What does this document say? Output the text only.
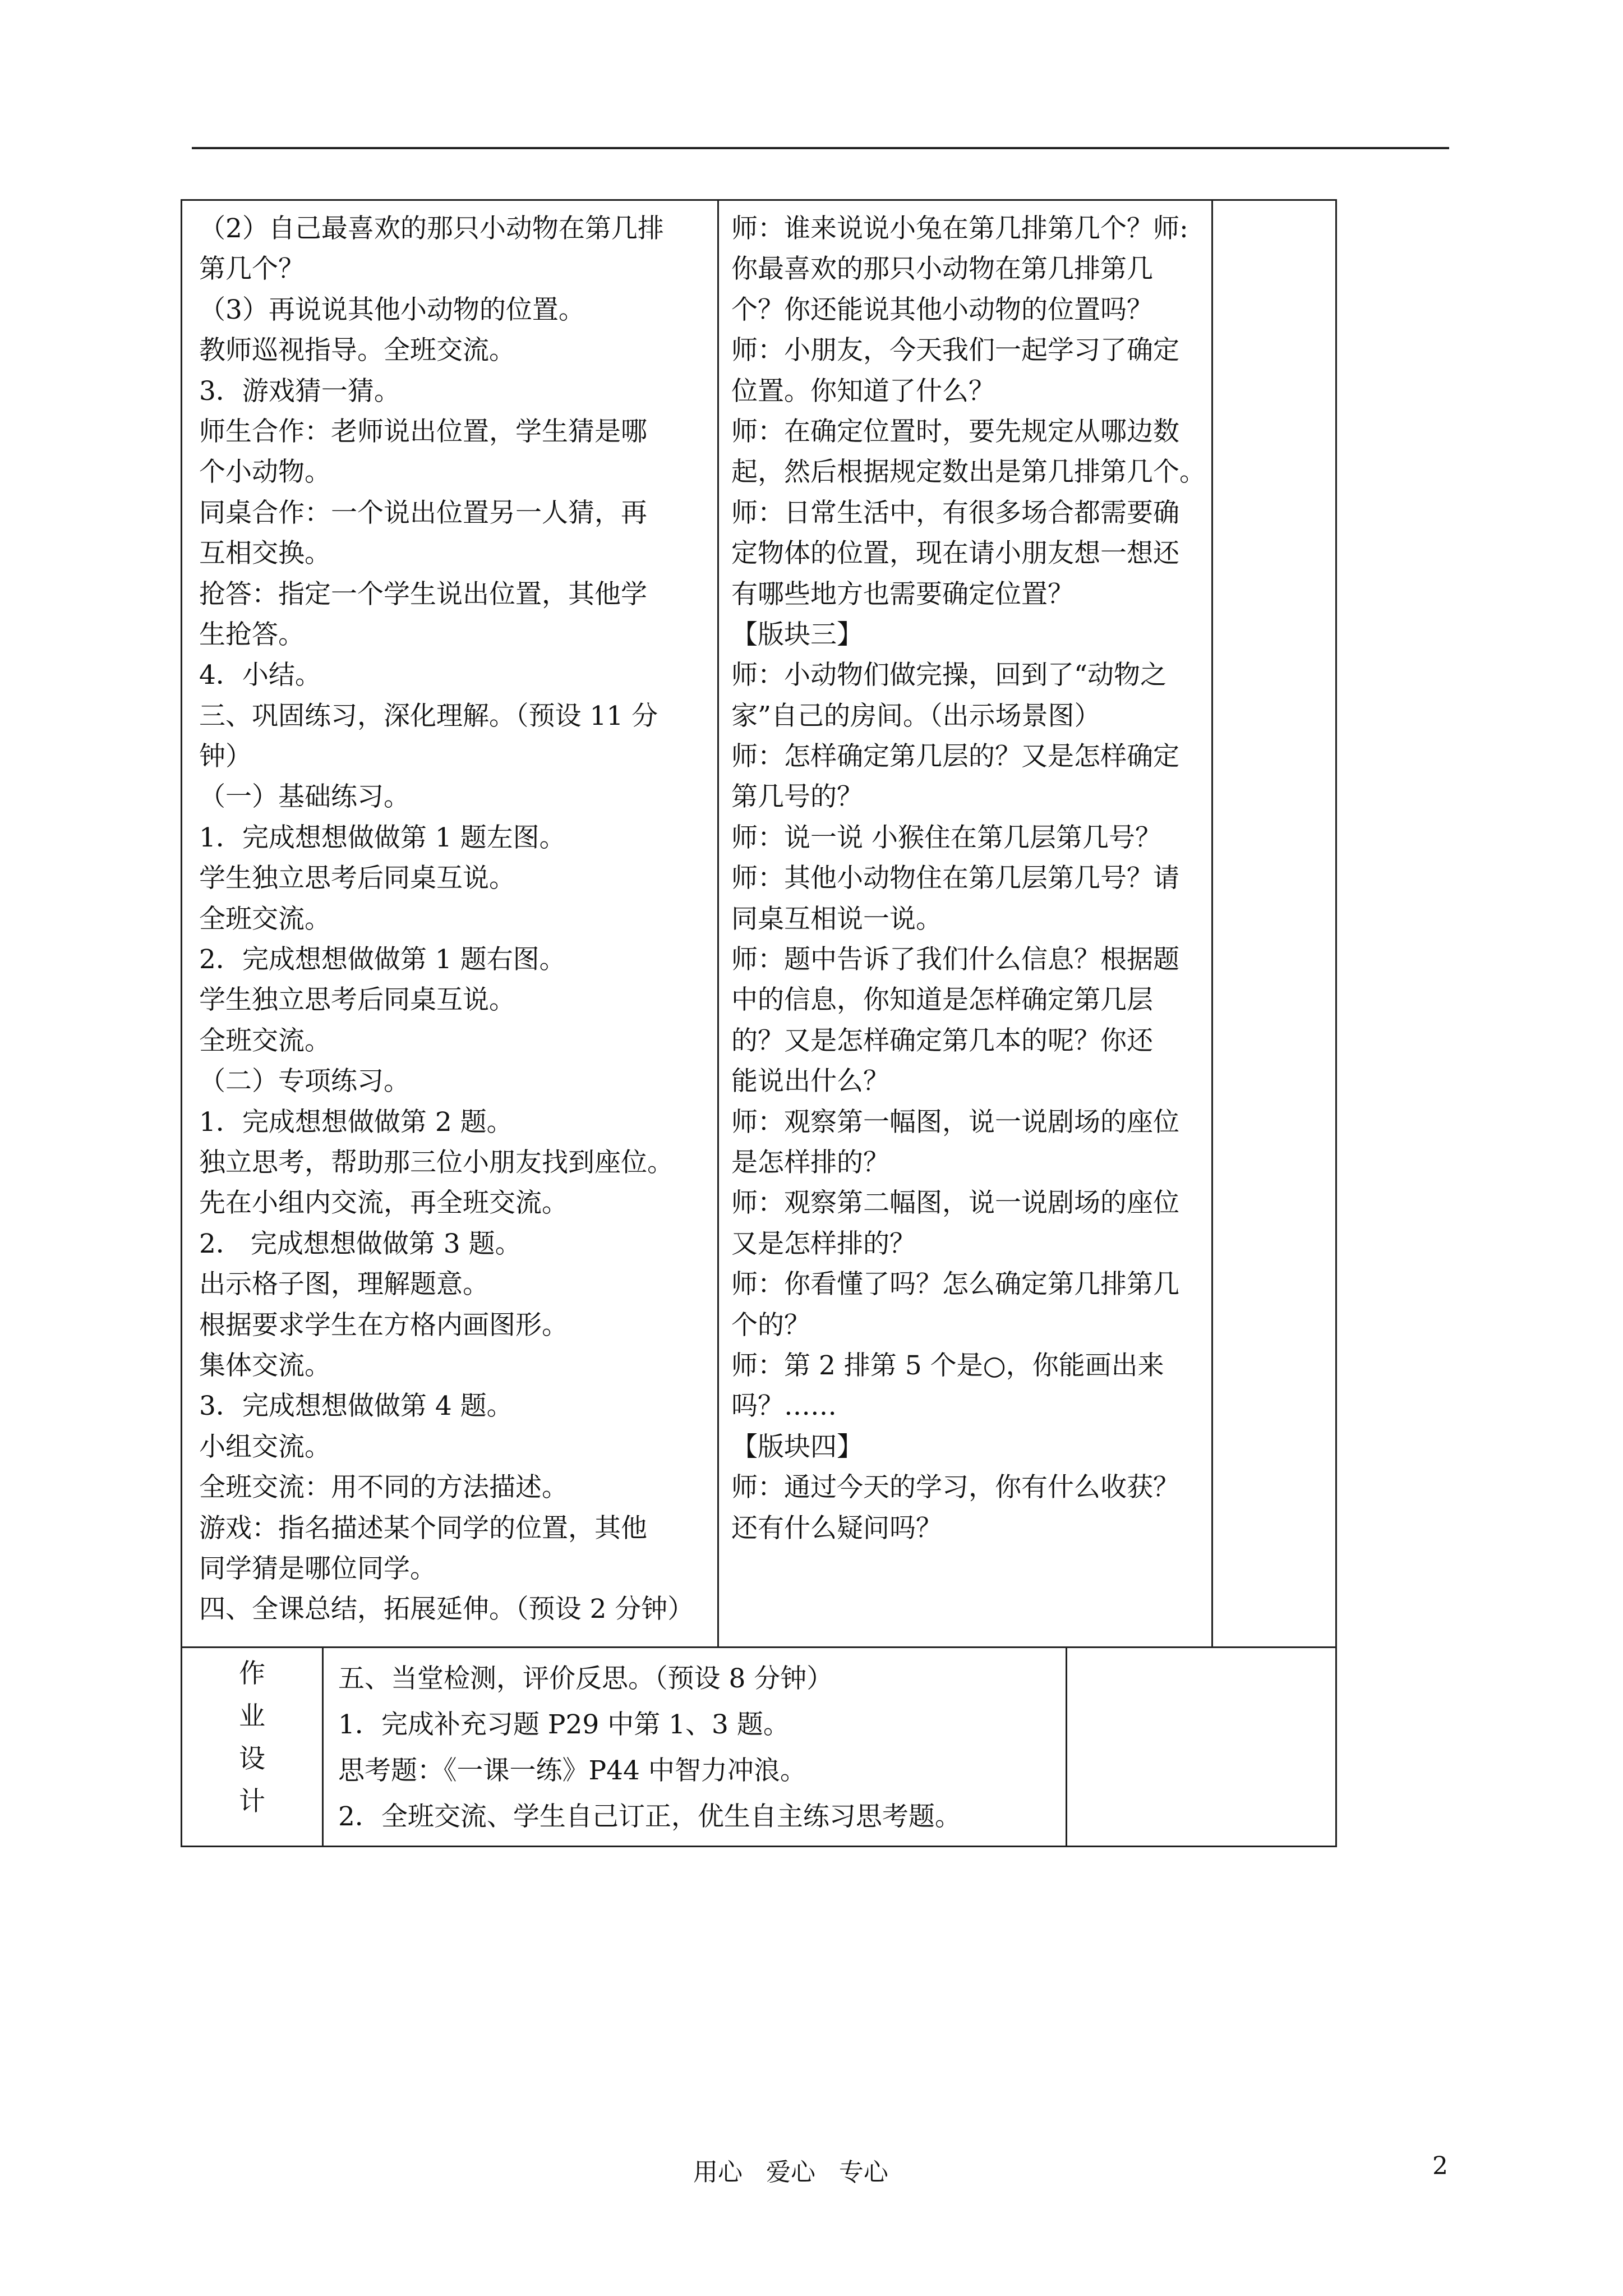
（2）自己最喜欢的那只小动物在第几排
第几个？
（3）再说说其他小动物的位置。
教师巡视指导。全班交流。
3．游戏猜一猜。
师生合作：老师说出位置，学生猜是哪
个小动物。
同桌合作：一个说出位置另一人猜，再
互相交换。
抢答：指定一个学生说出位置，其他学
生抢答。
4．小结。
三、巩固练习，深化理解。（预设 11 分
钟）
（一）基础练习。
1．完成想想做做第 1 题左图。
学生独立思考后同桌互说。
全班交流。
2．完成想想做做第 1 题右图。
学生独立思考后同桌互说。
全班交流。
（二）专项练习。
1．完成想想做做第 2 题。
独立思考，帮助那三位小朋友找到座位。
先在小组内交流，再全班交流。
2． 完成想想做做第 3 题。
出示格子图，理解题意。
根据要求学生在方格内画图形。
集体交流。
3．完成想想做做第 4 题。
小组交流。
全班交流：用不同的方法描述。
游戏：指名描述某个同学的位置，其他
同学猜是哪位同学。
四、全课总结，拓展延伸。（预设 2 分钟）
师：谁来说说小兔在第几排第几个？师:
你最喜欢的那只小动物在第几排第几
个？你还能说其他小动物的位置吗？
师：小朋友，今天我们一起学习了确定
位置。你知道了什么？
师：在确定位置时，要先规定从哪边数
起，然后根据规定数出是第几排第几个。
师：日常生活中，有很多场合都需要确
定物体的位置，现在请小朋友想一想还
有哪些地方也需要确定位置？
【版块三】
师：小动物们做完操，回到了“动物之
家”自己的房间。（出示场景图）
师：怎样确定第几层的？又是怎样确定
第几号的？
师：说一说 小猴住在第几层第几号？
师：其他小动物住在第几层第几号？请
同桌互相说一说。
师：题中告诉了我们什么信息？根据题
中的信息，你知道是怎样确定第几层
的？又是怎样确定第几本的呢？你还
能说出什么？
师：观察第一幅图，说一说剧场的座位
是怎样排的？
师：观察第二幅图，说一说剧场的座位
又是怎样排的？
师：你看懂了吗？怎么确定第几排第几
个的？
师：第 2 排第 5 个是○，你能画出来
吗？……
【版块四】
师：通过今天的学习，你有什么收获？
还有什么疑问吗？
作
业
设
计
五、当堂检测，评价反思。（预设 8 分钟）
1．完成补充习题 P29 中第 1、3 题。
思考题：《一课一练》P44 中智力冲浪。
2．全班交流、学生自己订正，优生自主练习思考题。
用心   爱心   专心	2
